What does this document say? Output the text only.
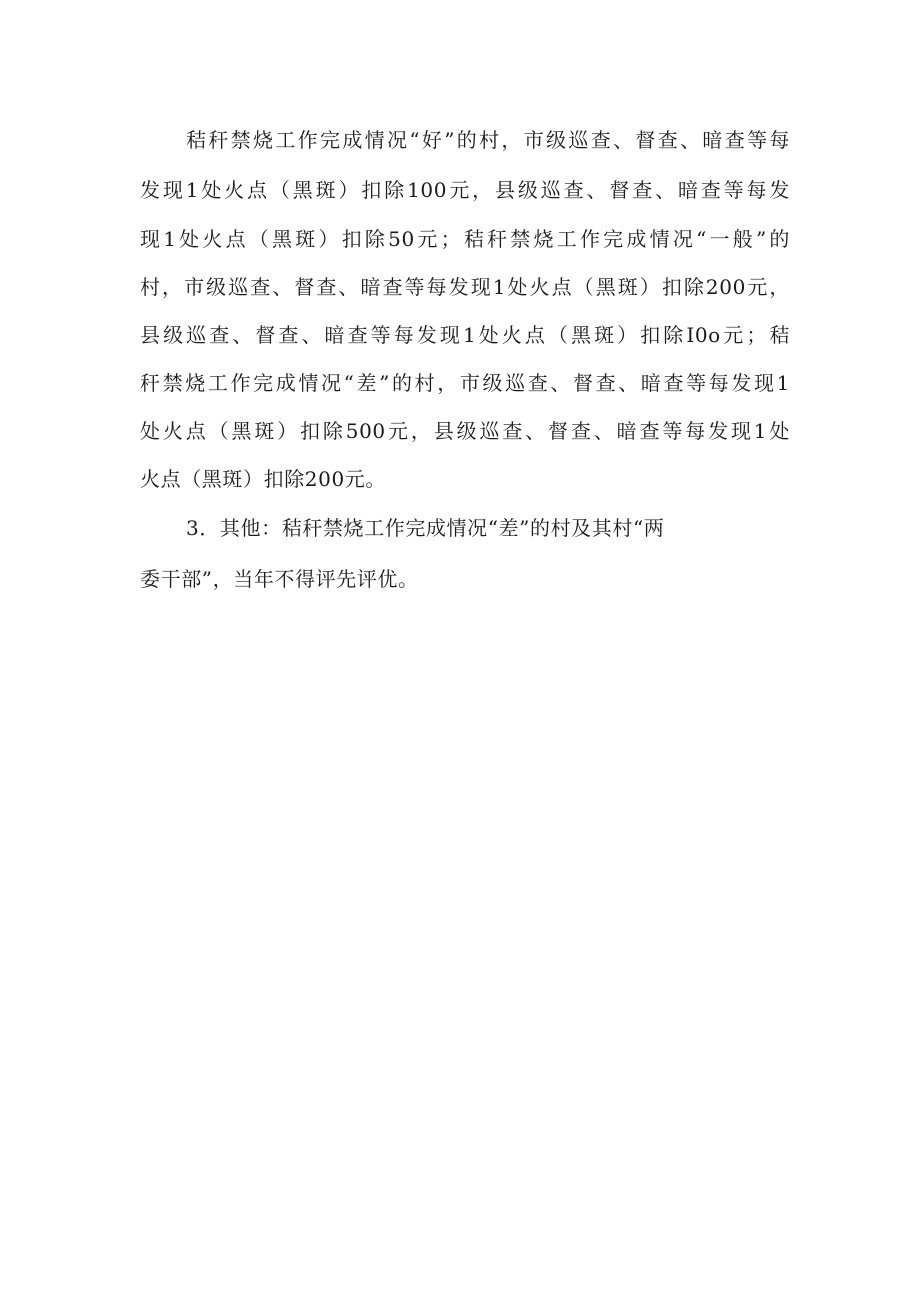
秸秆禁烧工作完成情况“好”的村，市级巡查、督查、暗查等每
发现1处火点（黑斑）扣除100元，县级巡查、督查、暗查等每发
现1处火点（黑斑）扣除50元；秸秆禁烧工作完成情况“一般”的
村，市级巡查、督查、暗查等每发现1处火点（黑斑）扣除200元，
县级巡查、督查、暗查等每发现1处火点（黑斑）扣除I0o元；秸
秆禁烧工作完成情况“差”的村，市级巡查、督查、暗查等每发现1
处火点（黑斑）扣除500元，县级巡查、督查、暗查等每发现1处
火点（黑斑）扣除200元。
3．其他：秸秆禁烧工作完成情况“差”的村及其村“两
委干部”，当年不得评先评优。
